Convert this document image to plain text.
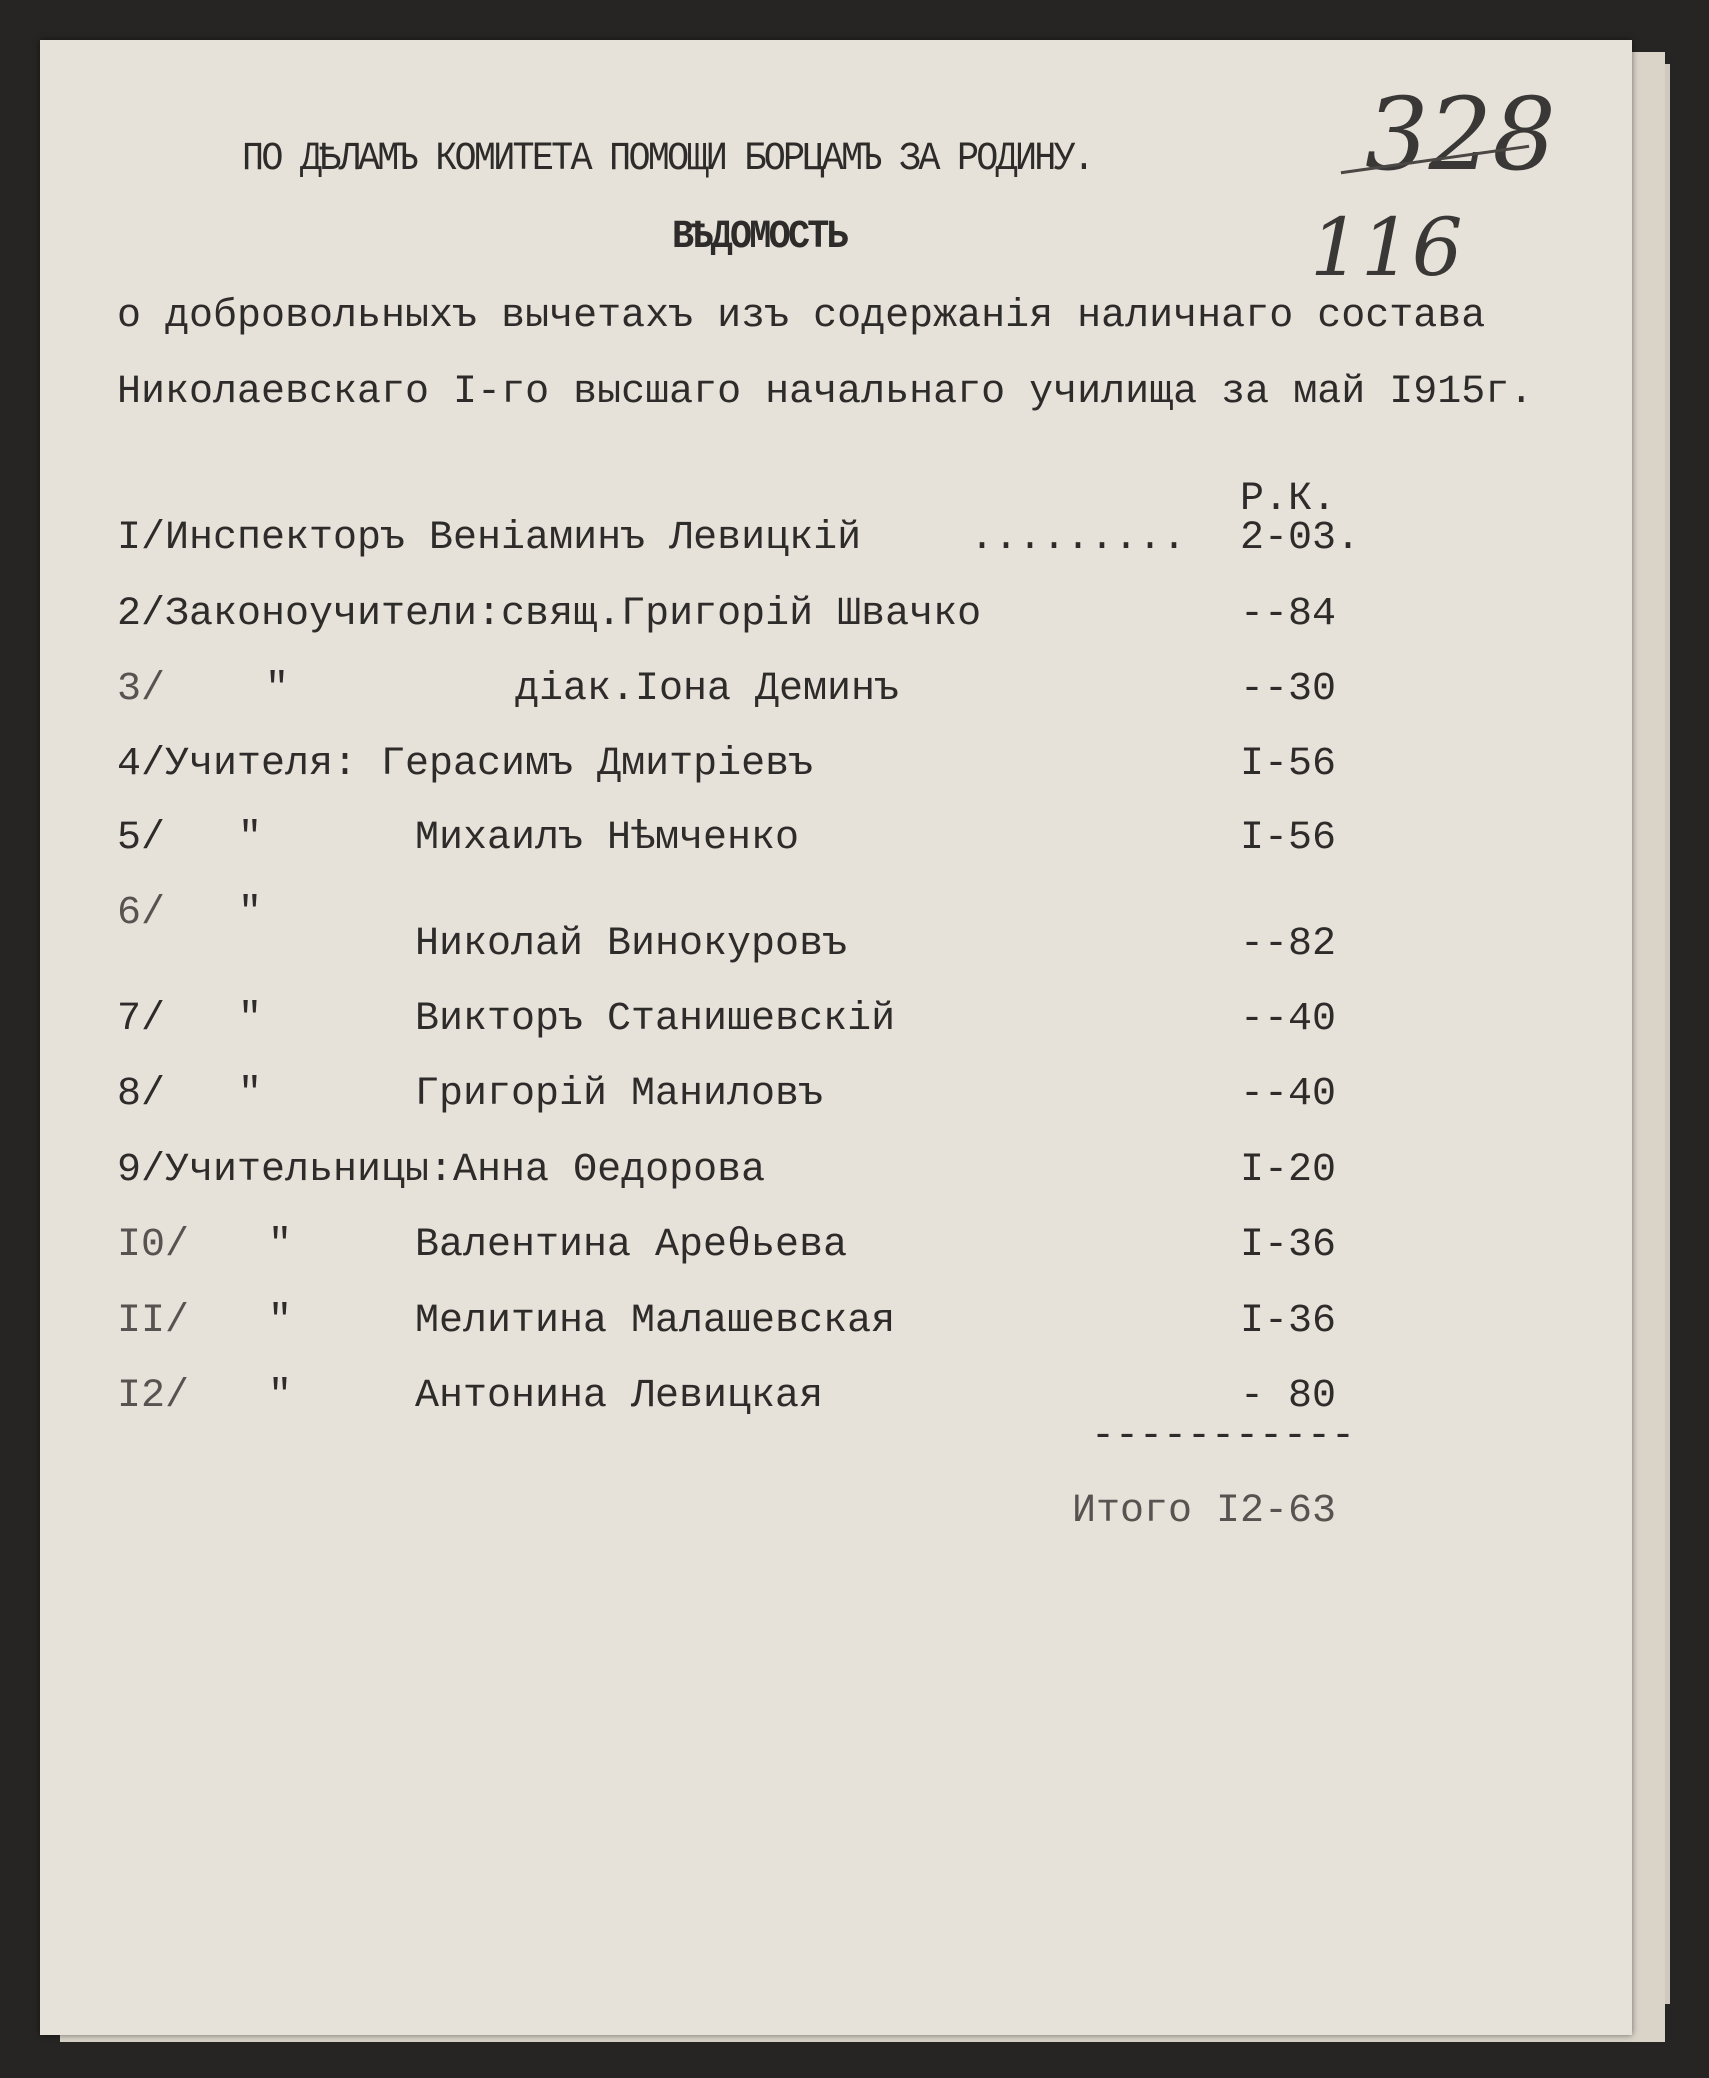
ПО ДѢЛАМЪ КОМИТЕТА ПОМОЩИ БОРЦАМЪ ЗА РОДИНУ.	328
116
ВѢДОМОСТЬ
о добровольныхъ вычетахъ изъ содержанія наличнаго состава
Николаевскаго I-го высшаго начальнаго училища за май I915г.
Р.К.
I/ Инспекторъ Веніаминъ Левицкій	......... 2-03.
2/ Законоучители:свящ.Григорій Швачко	--84
3/ "	діак.Іона Деминъ	--30
4/ Учителя: Герасимъ Дмитріевъ	I-56
5/ "	Михаилъ Нѣмченко	I-56
6/ "
Николай Винокуровъ	--82
7/ "	Викторъ Станишевскій	--40
8/ "	Григорій Маниловъ	--40
9/ Учительницы:Анна Θедорова	I-20
I0/ "	Валентина Ареθьева	I-36
II/ "	Мелитина Малашевская	I-36
I2/ "	Антонина Левицкая	- 80
-----------
Итого I2-63
